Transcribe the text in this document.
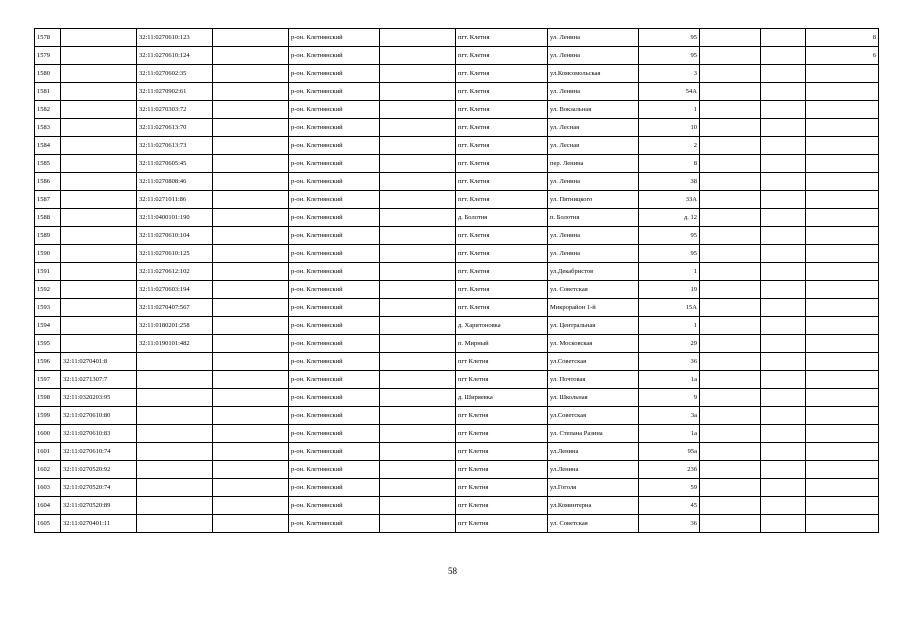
1578		32:11:0270610:123		р-он. Клетнянский		пгт. Клетня	ул. Ленина	95			8
1579		32:11:0270610:124		р-он. Клетнянский		пгт. Клетня	ул. Ленина	95			6
1580		32:11:0270602:35		р-он. Клетнянский		пгт. Клетня	ул.Комсомольская	3			
1581		32:11:0270902:61		р-он. Клетнянский		пгт. Клетня	ул. Ленина	54А			
1582		32:11:0270303:72		р-он. Клетнянский		пгт. Клетня	ул. Вокзальная	1			
1583		32:11:0270613:70		р-он. Клетнянский		пгт. Клетня	ул. Лесная	10			
1584		32:11:0270613:73		р-он. Клетнянский		пгт. Клетня	ул. Лесная	2			
1585		32:11:0270605:45		р-он. Клетнянский		пгт. Клетня	пер. Ленина	8			
1586		32:11:0270808:46		р-он. Клетнянский		пгт. Клетня	ул. Ленина	38			
1587		32:11:0271011:86		р-он. Клетнянский		пгт. Клетня	ул. Пятницкого	33А			
1588		32:11:0400101:190		р-он. Клетнянский		д. Болотня	п. Болотня	д. 12			
1589		32:11:0270610:104		р-он. Клетнянский		пгт. Клетня	ул. Ленина	95			
1590		32:11:0270610:125		р-он. Клетнянский		пгт. Клетня	ул. Ленина	95			
1591		32:11:0270612:102		р-он. Клетнянский		пгт. Клетня	ул.Декабристов	1			
1592		32:11:0270603:194		р-он. Клетнянский		пгт. Клетня	ул. Советская	19			
1593		32:11:0270407:567		р-он. Клетнянский		пгт. Клетня	Микрорайон 1-й	15А			
1594		32:11:0180201:258		р-он. Клетнянский		д. Харитоновка	ул. Центральная	1			
1595		32:11:0190101:482		р-он. Клетнянский		п. Мирный	ул. Московская	29			
1596	32:11:0270401:8			р-он. Клетнянский		пгт Клетня	ул.Советская	36			
1597	32:11:0271307:7			р-он. Клетнянский		пгт Клетня	ул. Почтовая	1а			
1598	32:11:0320203:95			р-он. Клетнянский		д. Ширяевка	ул. Школьная	9			
1599	32:11:0270610:80			р-он. Клетнянский		пгт Клетня	ул.Советская	3а			
1600	32:11:0270610:83			р-он. Клетнянский		пгт Клетня	ул. Степана Разина	1а			
1601	32:11:0270610:74			р-он. Клетнянский		пгт Клетня	ул.Ленина	95а			
1602	32:11:0270520:92			р-он. Клетнянский		пгт Клетня	ул.Ленина	23б			
1603	32:11:0270520:74			р-он. Клетнянский		пгт Клетня	ул.Гоголя	59			
1604	32:11:0270520:89			р-он. Клетнянский		пгт Клетня	ул.Коминтерна	45			
1605	32:11:0270401:11			р-он. Клетнянский		пгт Клетня	ул. Советская	36			
58
